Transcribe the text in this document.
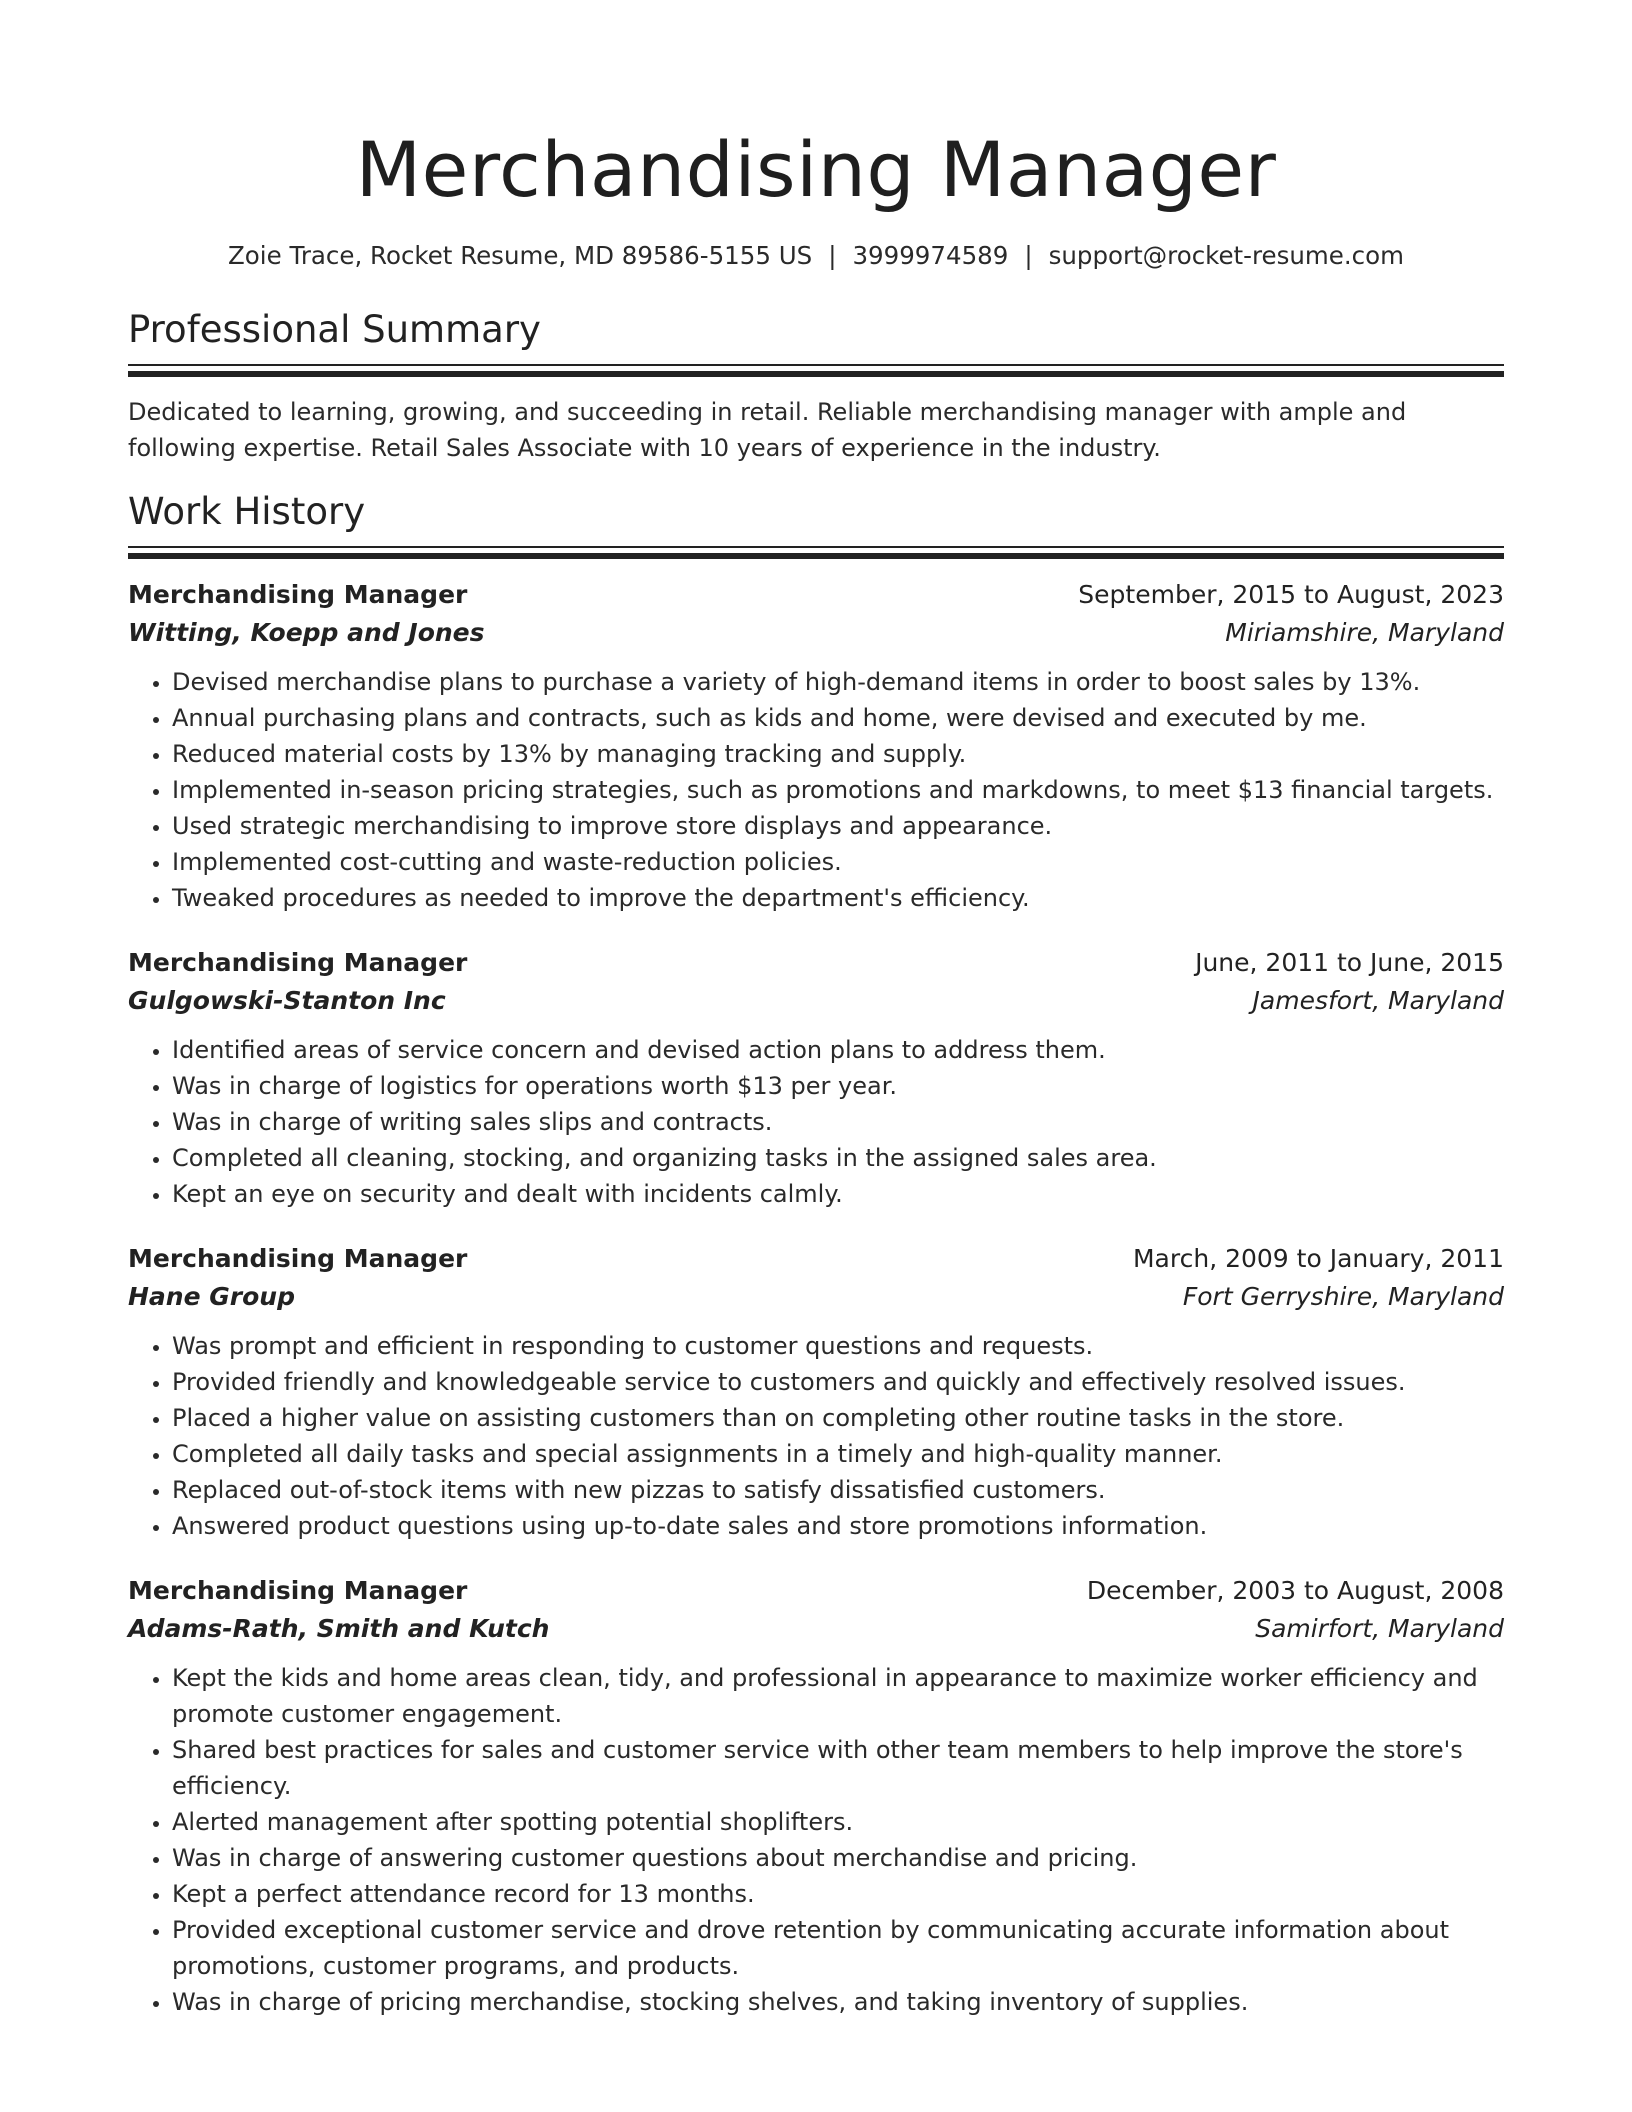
Merchandising Manager
Zoie Trace, Rocket Resume, MD 89586-5155 US | 3999974589 | support@rocket-resume.com
Professional Summary

Dedicated to learning, growing, and succeeding in retail. Reliable merchandising manager with ample and following expertise. Retail Sales Associate with 10 years of experience in the industry.

Work History
Merchandising Manager	September, 2015 to August, 2023
Witting, Koepp and Jones	Miriamshire, Maryland
• Devised merchandise plans to purchase a variety of high-demand items in order to boost sales by 13%.
• Annual purchasing plans and contracts, such as kids and home, were devised and executed by me.
• Reduced material costs by 13% by managing tracking and supply.
• Implemented in-season pricing strategies, such as promotions and markdowns, to meet $13 financial targets.
• Used strategic merchandising to improve store displays and appearance.
• Implemented cost-cutting and waste-reduction policies.
• Tweaked procedures as needed to improve the department's efficiency.
Merchandising Manager	June, 2011 to June, 2015
Gulgowski-Stanton Inc	Jamesfort, Maryland
• Identified areas of service concern and devised action plans to address them.
• Was in charge of logistics for operations worth $13 per year.
• Was in charge of writing sales slips and contracts.
• Completed all cleaning, stocking, and organizing tasks in the assigned sales area.
• Kept an eye on security and dealt with incidents calmly.
Merchandising Manager	March, 2009 to January, 2011
Hane Group	Fort Gerryshire, Maryland
• Was prompt and efficient in responding to customer questions and requests.
• Provided friendly and knowledgeable service to customers and quickly and effectively resolved issues.
• Placed a higher value on assisting customers than on completing other routine tasks in the store.
• Completed all daily tasks and special assignments in a timely and high-quality manner.
• Replaced out-of-stock items with new pizzas to satisfy dissatisfied customers.
• Answered product questions using up-to-date sales and store promotions information.
Merchandising Manager	December, 2003 to August, 2008
Adams-Rath, Smith and Kutch	Samirfort, Maryland
• Kept the kids and home areas clean, tidy, and professional in appearance to maximize worker efficiency and promote customer engagement.
• Shared best practices for sales and customer service with other team members to help improve the store's efficiency.
• Alerted management after spotting potential shoplifters.
• Was in charge of answering customer questions about merchandise and pricing.
• Kept a perfect attendance record for 13 months.
• Provided exceptional customer service and drove retention by communicating accurate information about promotions, customer programs, and products.
• Was in charge of pricing merchandise, stocking shelves, and taking inventory of supplies.
